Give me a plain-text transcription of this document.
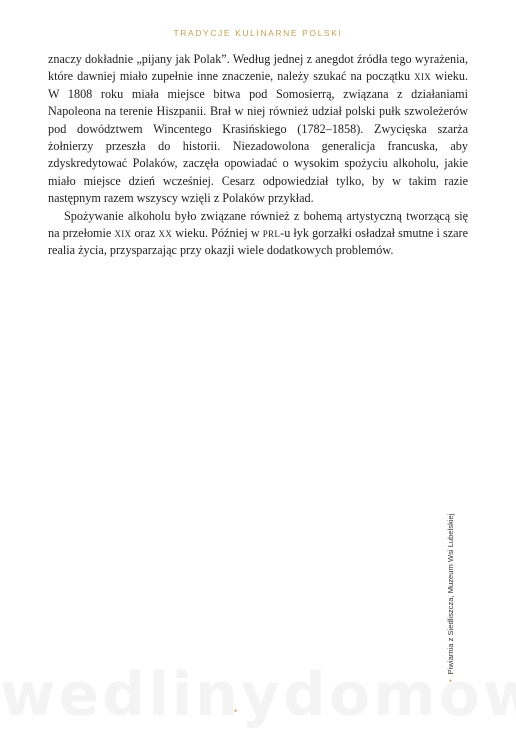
TRADYCJE KULINARNE POLSKI

znaczy dokładnie „pijany jak Polak”. Według jednej z anegdot źródła tego wyrażenia, które dawniej miało zupełnie inne znaczenie, należy szukać na początku xix wieku. W 1808 roku miała miejsce bitwa pod Somosierrą, związana z działaniami Napoleona na terenie Hiszpanii. Brał w niej również udział polski pułk szwoleżerów pod dowództwem Wincentego Krasińskiego (1782–1858). Zwycięska szarża żołnierzy przeszła do historii. Niezadowolona generalicja francuska, aby zdyskredytować Polaków, zaczęła opowiadać o wysokim spożyciu alkoholu, jakie miało miejsce dzień wcześniej. Cesarz odpowiedział tylko, by w takim razie następnym razem wszyscy wzięli z Polaków przykład.

Spożywanie alkoholu było związane również z bohemą artystyczną tworzącą się na przełomie xix oraz xx wieku. Później w prl-u łyk gorzałki osładzał smutne i szare realia życia, przysparzając przy okazji wiele dodatkowych problemów.

•Piwiarnia z Siedliszcza, Muzeum Wsi Lubelskiej
•
